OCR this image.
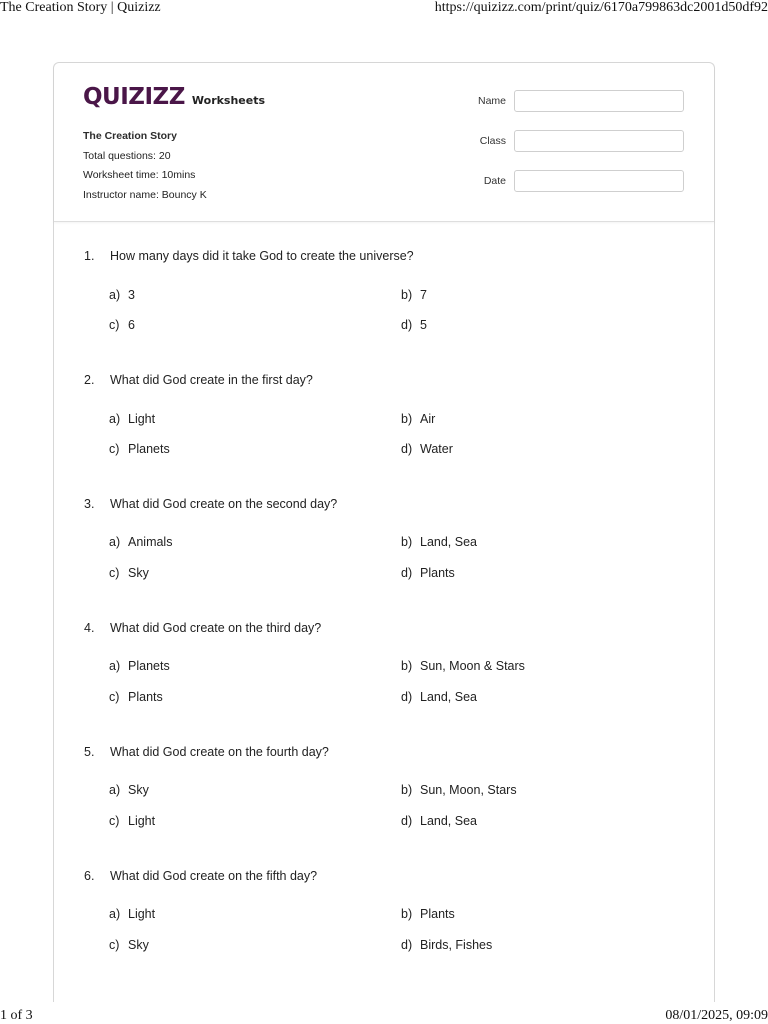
The Creation Story | Quizizz	https://quizizz.com/print/quiz/6170a799863dc2001d50df92
QUIZIZZ Worksheets
The Creation Story
Total questions: 20
Worksheet time: 10mins
Instructor name: Bouncy K
Name
Class
Date
1. How many days did it take God to create the universe?
a) 3	b) 7
c) 6	d) 5
2. What did God create in the first day?
a) Light	b) Air
c) Planets	d) Water
3. What did God create on the second day?
a) Animals	b) Land, Sea
c) Sky	d) Plants
4. What did God create on the third day?
a) Planets	b) Sun, Moon & Stars
c) Plants	d) Land, Sea
5. What did God create on the fourth day?
a) Sky	b) Sun, Moon, Stars
c) Light	d) Land, Sea
6. What did God create on the fifth day?
a) Light	b) Plants
c) Sky	d) Birds, Fishes
1 of 3	08/01/2025, 09:09
